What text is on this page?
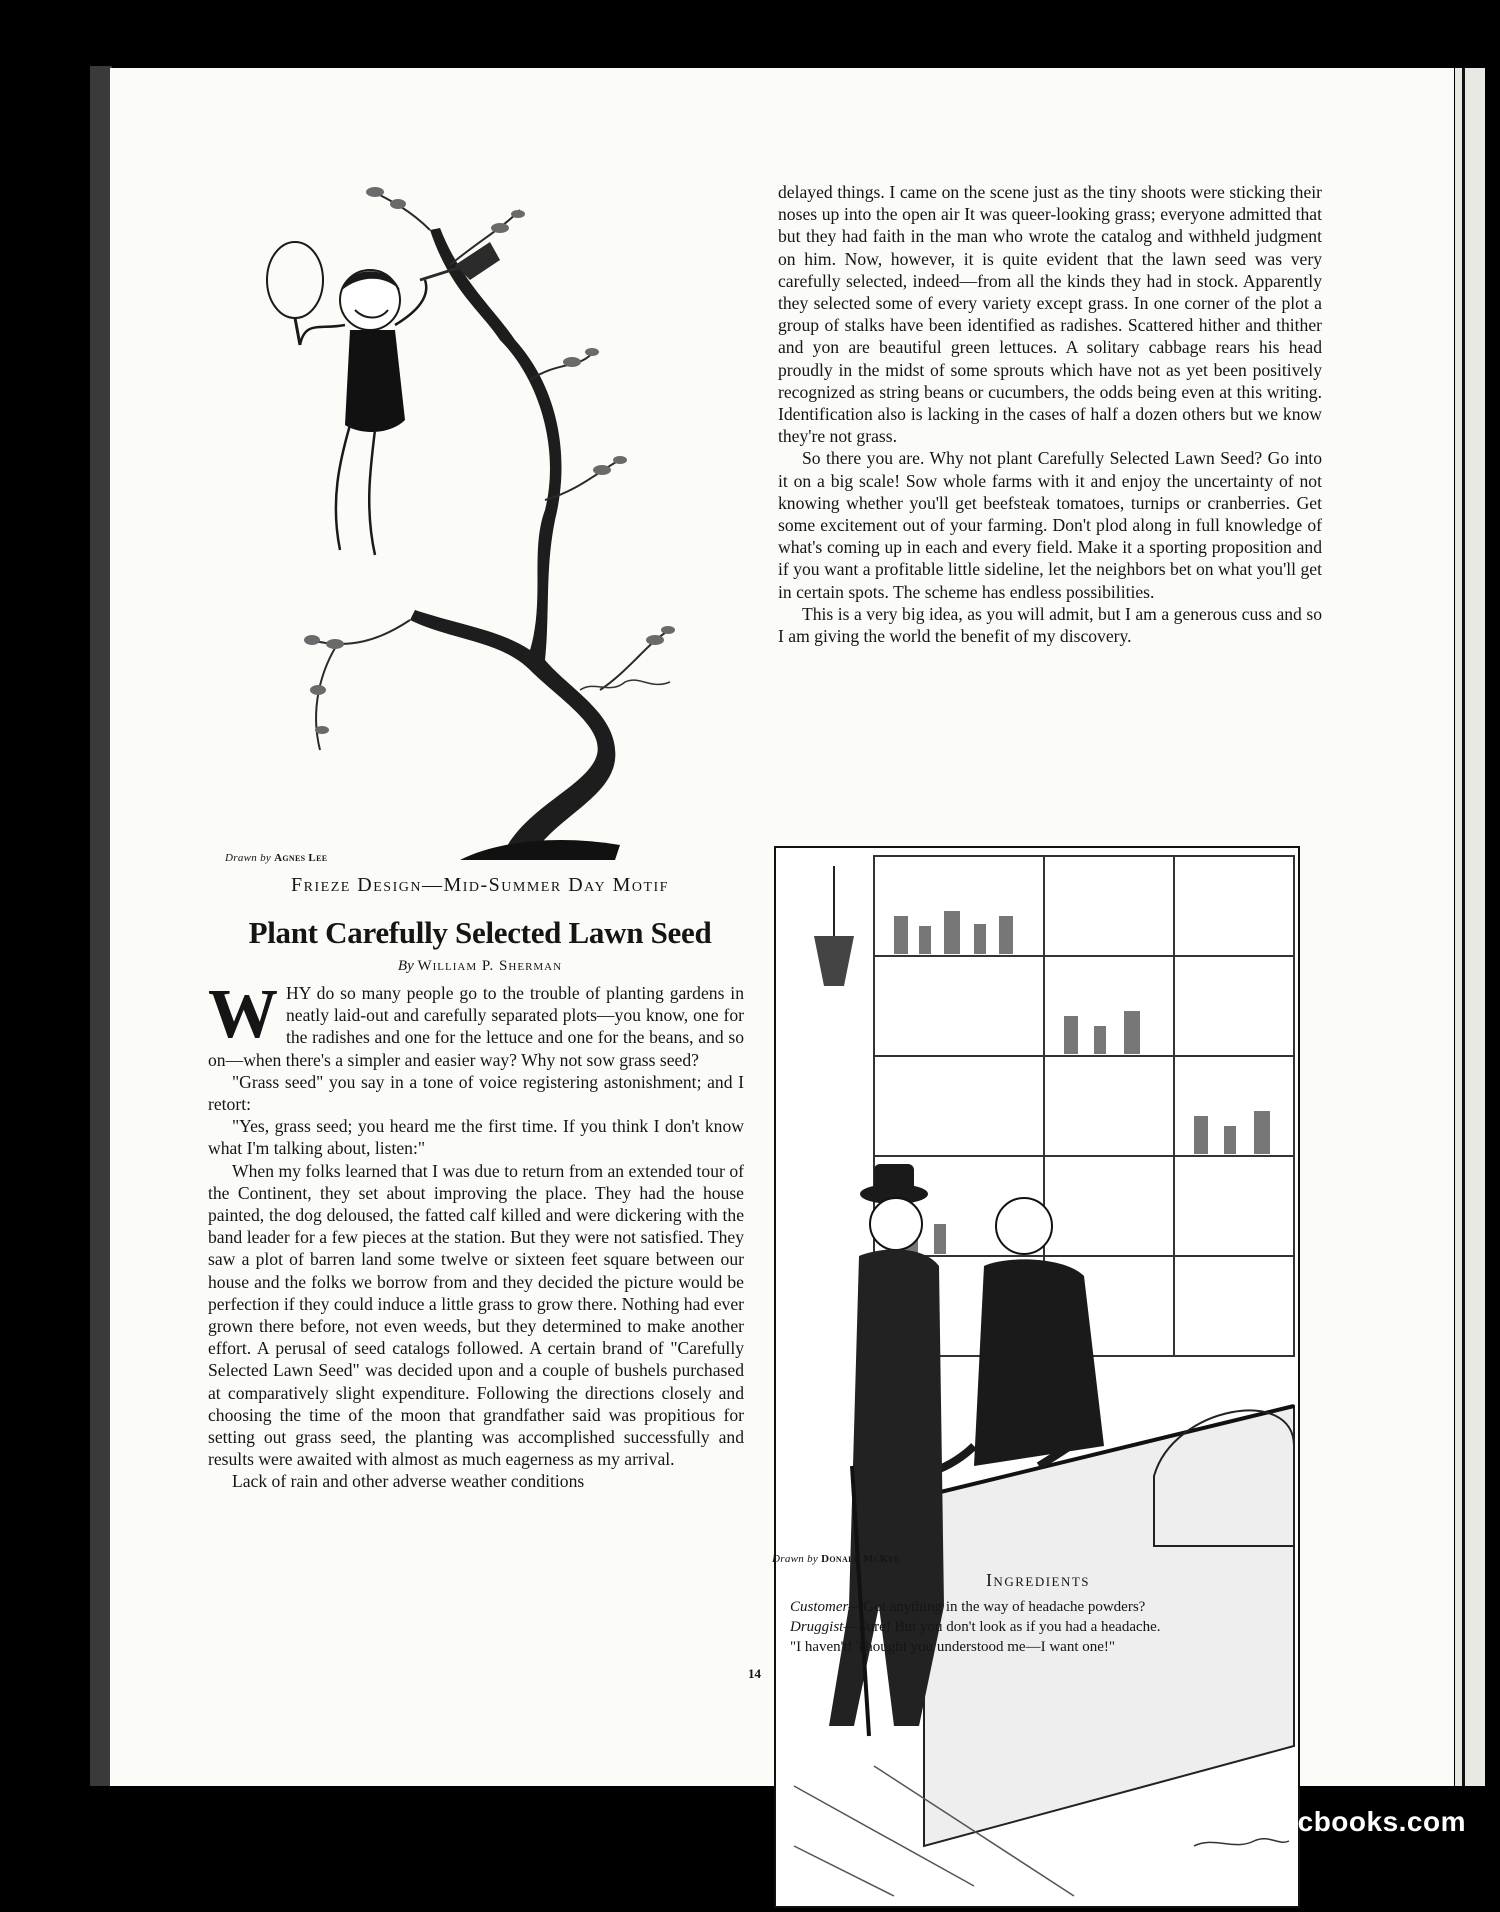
Drawn by Agnes Lee
Frieze Design—Mid-Summer Day Motif
Plant Carefully Selected Lawn Seed
By William P. Sherman

WHY do so many people go to the trouble of planting gardens in neatly laid-out and carefully separated plots—you know, one for the radishes and one for the lettuce and one for the beans, and so on—when there's a simpler and easier way? Why not sow grass seed?

"Grass seed" you say in a tone of voice registering astonishment; and I retort:

"Yes, grass seed; you heard me the first time. If you think I don't know what I'm talking about, listen:"

When my folks learned that I was due to return from an extended tour of the Continent, they set about improving the place. They had the house painted, the dog deloused, the fatted calf killed and were dickering with the band leader for a few pieces at the station. But they were not satisfied. They saw a plot of barren land some twelve or sixteen feet square between our house and the folks we borrow from and they decided the picture would be perfection if they could induce a little grass to grow there. Nothing had ever grown there before, not even weeds, but they determined to make another effort. A perusal of seed catalogs followed. A certain brand of "Carefully Selected Lawn Seed" was decided upon and a couple of bushels purchased at comparatively slight expenditure. Following the directions closely and choosing the time of the moon that grandfather said was propitious for setting out grass seed, the planting was accomplished successfully and results were awaited with almost as much eagerness as my arrival.

Lack of rain and other adverse weather conditions

delayed things. I came on the scene just as the tiny shoots were sticking their noses up into the open air It was queer-looking grass; everyone admitted that but they had faith in the man who wrote the catalog and withheld judgment on him. Now, however, it is quite evident that the lawn seed was very carefully selected, indeed—from all the kinds they had in stock. Apparently they selected some of every variety except grass. In one corner of the plot a group of stalks have been identified as radishes. Scattered hither and thither and yon are beautiful green lettuces. A solitary cabbage rears his head proudly in the midst of some sprouts which have not as yet been positively recognized as string beans or cucumbers, the odds being even at this writing. Identification also is lacking in the cases of half a dozen others but we know they're not grass.

So there you are. Why not plant Carefully Selected Lawn Seed? Go into it on a big scale! Sow whole farms with it and enjoy the uncertainty of not knowing whether you'll get beefsteak tomatoes, turnips or cranberries. Get some excitement out of your farming. Don't plod along in full knowledge of what's coming up in each and every field. Make it a sporting proposition and if you want a profitable little sideline, let the neighbors bet on what you'll get in certain spots. The scheme has endless possibilities.

This is a very big idea, as you will admit, but I am a generous cuss and so I am giving the world the benefit of my discovery.

Drawn by Donald McKee
Ingredients

Customer—Got anything in the way of headache powders?

Druggist—Sure! But you don't look as if you had a headache.

"I haven't! Thought you understood me—I want one!"

14
comicbooks.com
